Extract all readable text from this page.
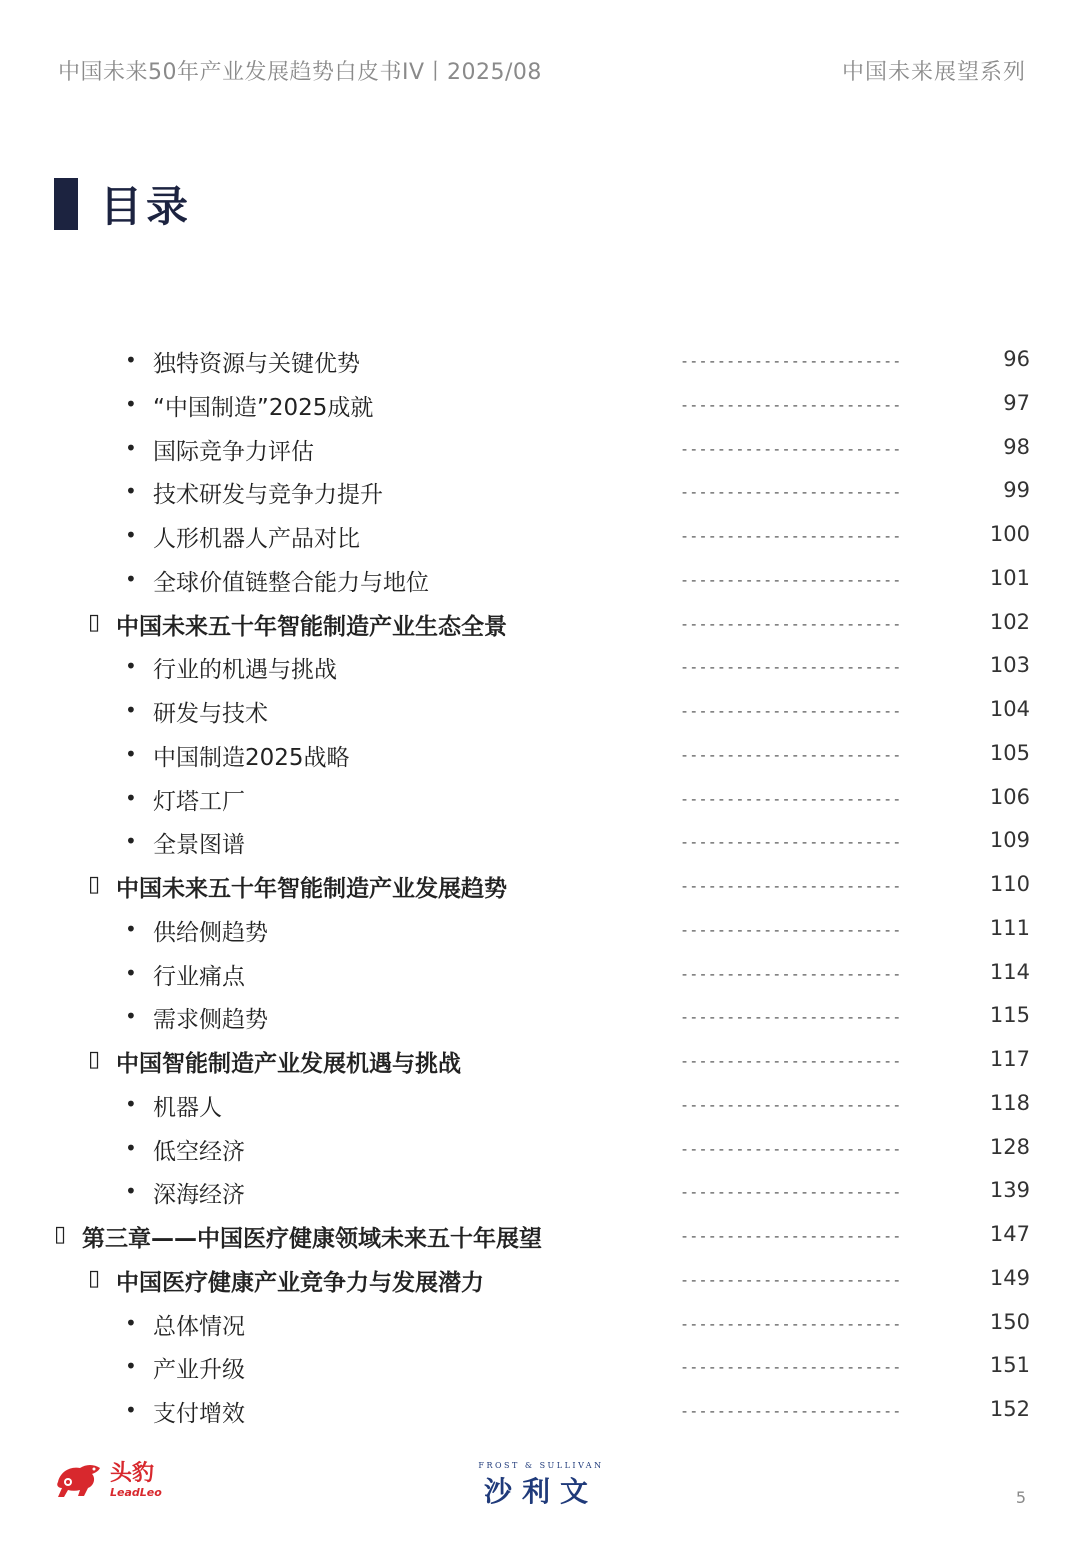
中国未来50年产业发展趋势白皮书IV丨2025/08	中国未来展望系列
目录
• 独特资源与关键优势	------------------------	96
• “中国制造”2025成就	------------------------	97
• 国际竞争力评估	------------------------	98
• 技术研发与竞争力提升	------------------------	99
• 人形机器人产品对比	------------------------	100
• 全球价值链整合能力与地位	------------------------	101
▯ 中国未来五十年智能制造产业生态全景	------------------------	102
• 行业的机遇与挑战	------------------------	103
• 研发与技术	------------------------	104
• 中国制造2025战略	------------------------	105
• 灯塔工厂	------------------------	106
• 全景图谱	------------------------	109
▯ 中国未来五十年智能制造产业发展趋势	------------------------	110
• 供给侧趋势	------------------------	111
• 行业痛点	------------------------	114
• 需求侧趋势	------------------------	115
▯ 中国智能制造产业发展机遇与挑战	------------------------	117
• 机器人	------------------------	118
• 低空经济	------------------------	128
• 深海经济	------------------------	139
▯ 第三章——中国医疗健康领域未来五十年展望	------------------------	147
▯ 中国医疗健康产业竞争力与发展潜力	------------------------	149
• 总体情况	------------------------	150
• 产业升级	------------------------	151
• 支付增效	------------------------	152
头豹
LeadLeo
FROST & SULLIVAN
沙利文	5
